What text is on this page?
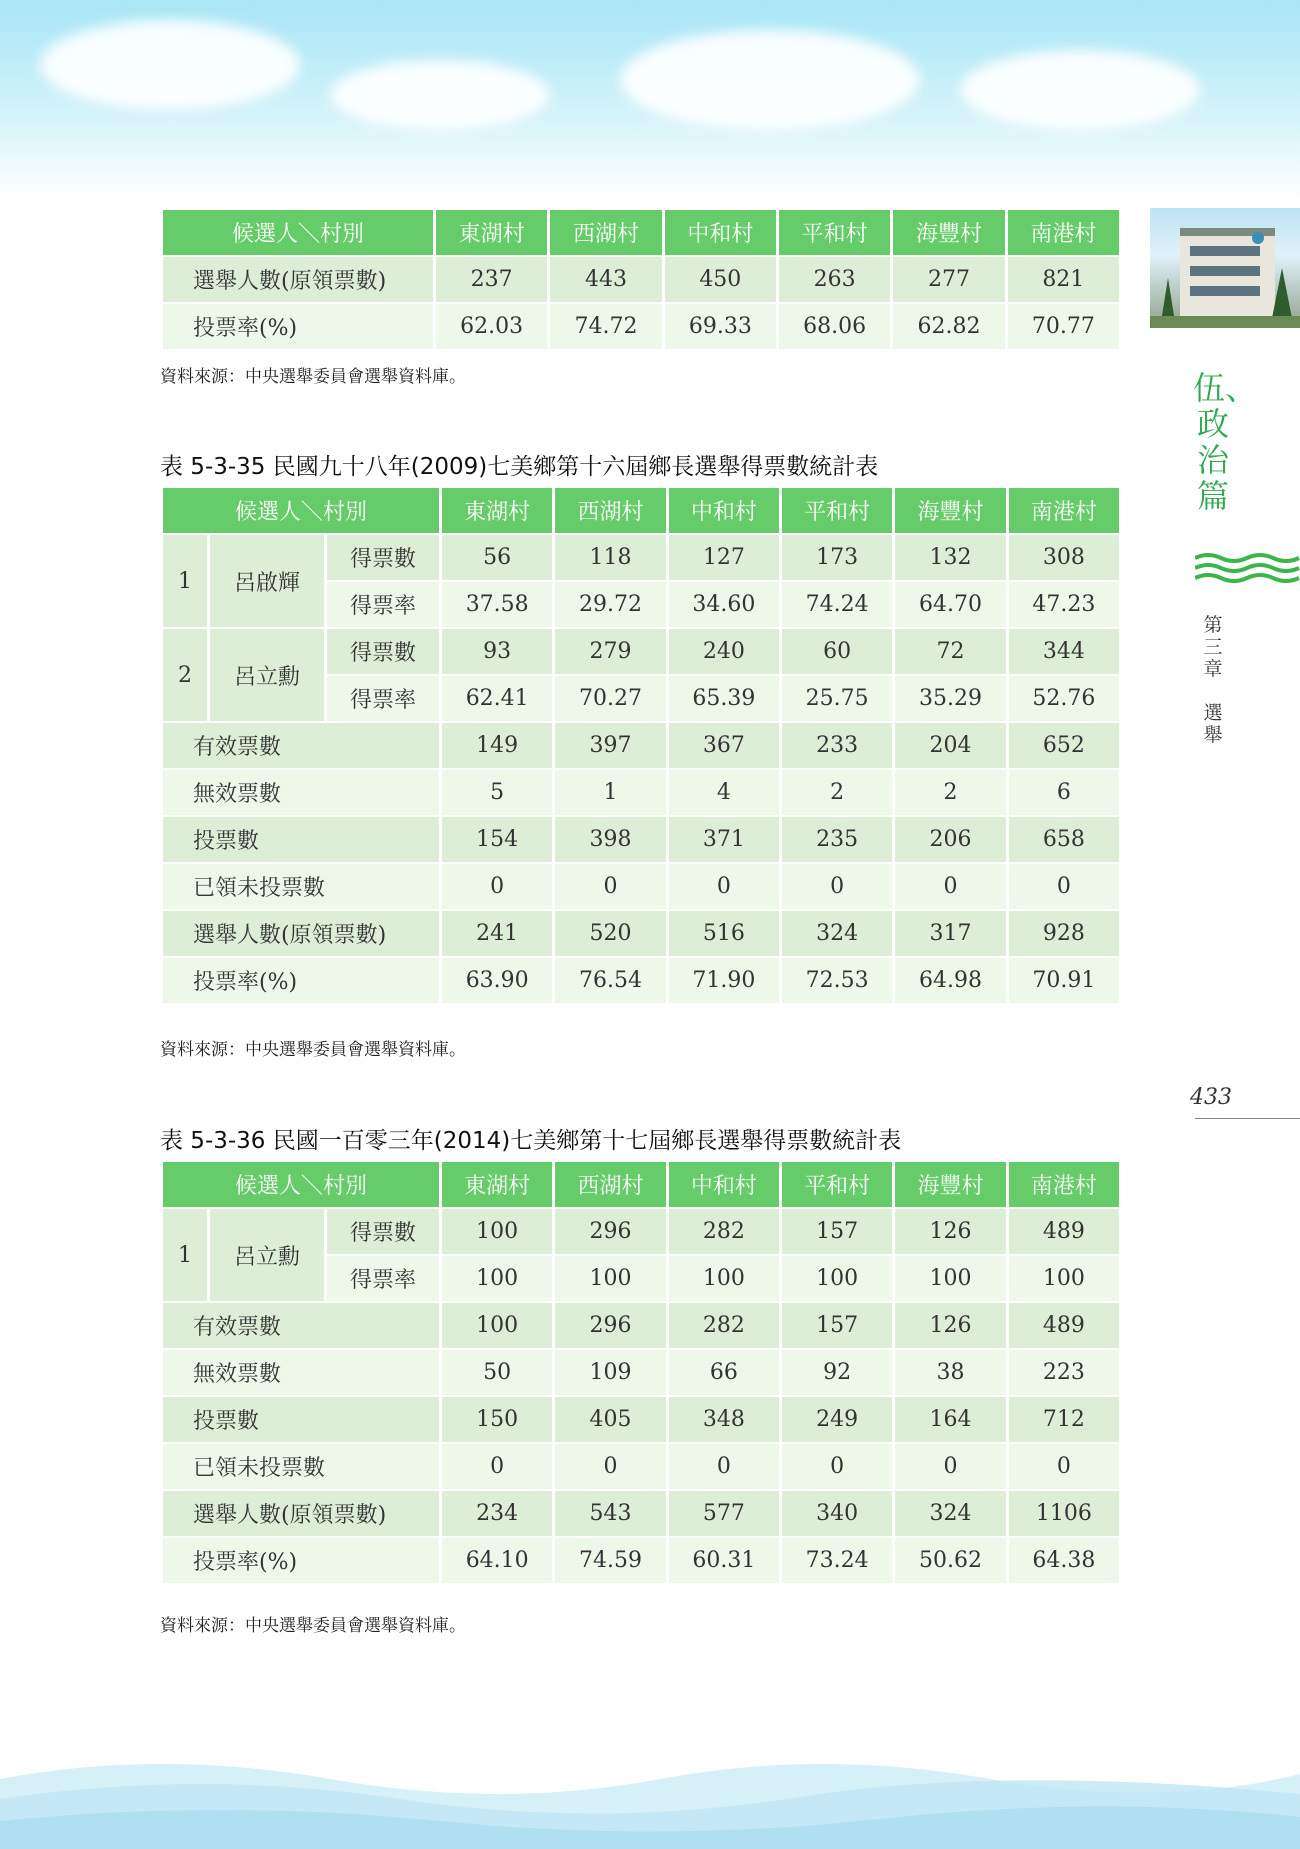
候選人＼村別	東湖村	西湖村	中和村	平和村	海豐村	南港村
選舉人數(原領票數)	237	443	450	263	277	821
投票率(%)	62.03	74.72	69.33	68.06	62.82	70.77
資料來源：中央選舉委員會選舉資料庫。
表 5-3-35 民國九十八年(2009)七美鄉第十六屆鄉長選舉得票數統計表
候選人＼村別			東湖村	西湖村	中和村	平和村	海豐村	南港村
1	呂啟輝	得票數	56	118	127	173	132	308
		得票率	37.58	29.72	34.60	74.24	64.70	47.23
2	呂立勳	得票數	93	279	240	60	72	344
		得票率	62.41	70.27	65.39	25.75	35.29	52.76
有效票數			149	397	367	233	204	652
無效票數			5	1	4	2	2	6
投票數			154	398	371	235	206	658
已領未投票數			0	0	0	0	0	0
選舉人數(原領票數)			241	520	516	324	317	928
投票率(%)			63.90	76.54	71.90	72.53	64.98	70.91
資料來源：中央選舉委員會選舉資料庫。
表 5-3-36 民國一百零三年(2014)七美鄉第十七屆鄉長選舉得票數統計表
候選人＼村別			東湖村	西湖村	中和村	平和村	海豐村	南港村
1	呂立勳	得票數	100	296	282	157	126	489
		得票率	100	100	100	100	100	100
有效票數			100	296	282	157	126	489
無效票數			50	109	66	92	38	223
投票數			150	405	348	249	164	712
已領未投票數			0	0	0	0	0	0
選舉人數(原領票數)			234	543	577	340	324	1106
投票率(%)			64.10	74.59	60.31	73.24	50.62	64.38
資料來源：中央選舉委員會選舉資料庫。
伍、政治篇
第三章
選舉
433
